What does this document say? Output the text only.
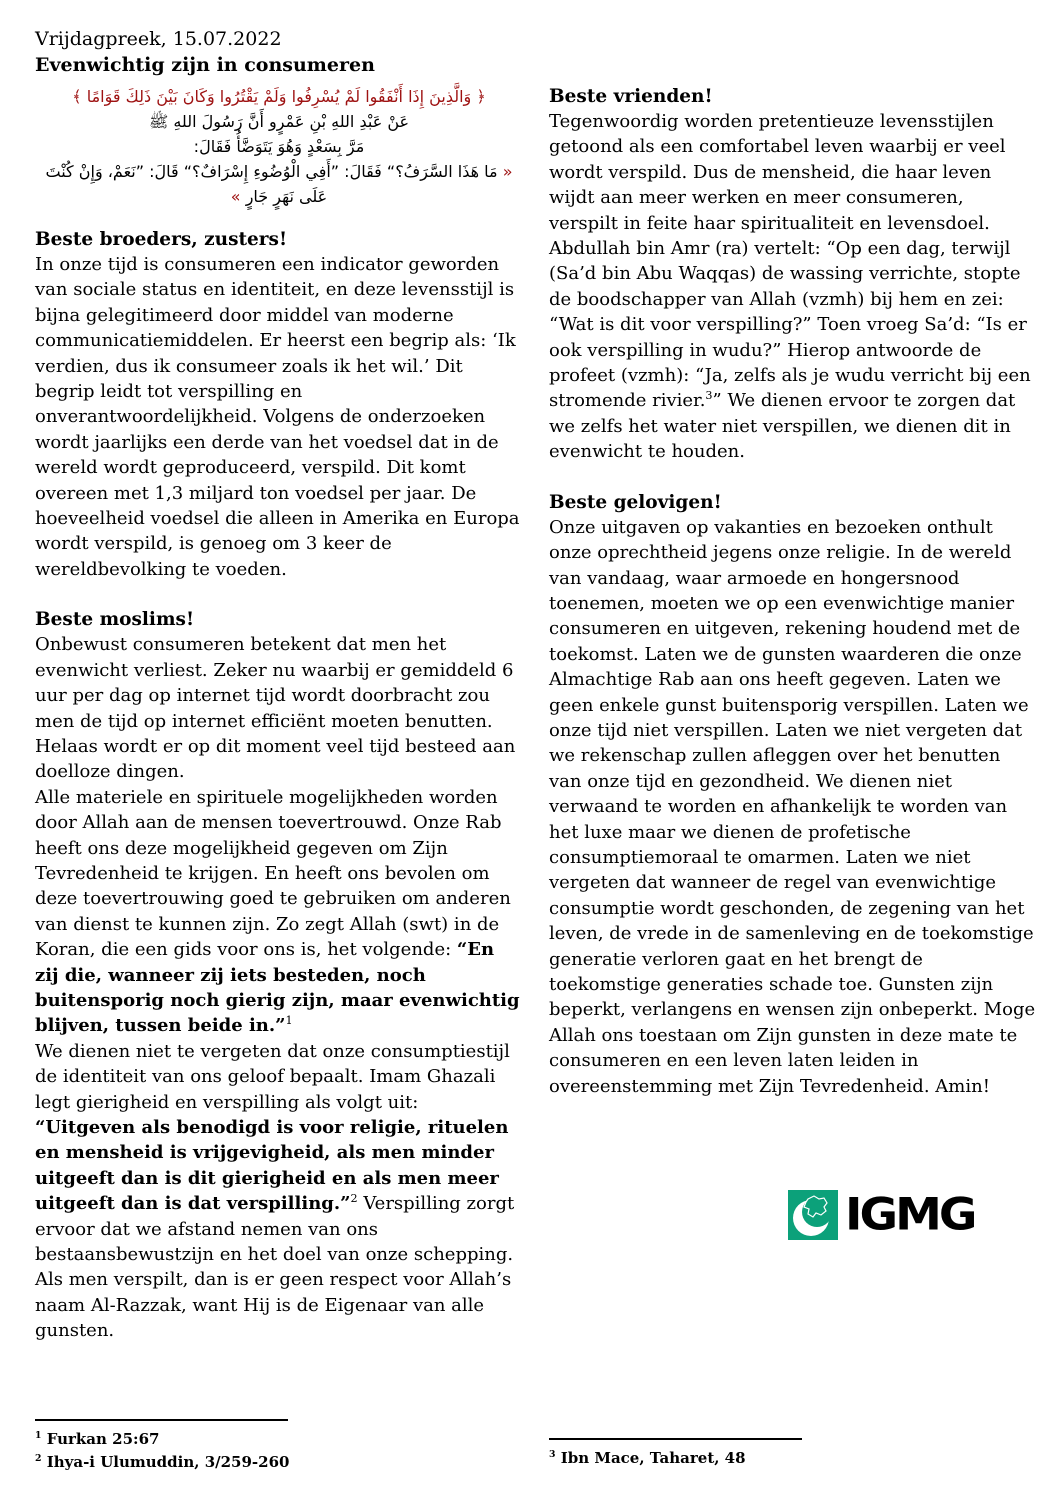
Vrijdagpreek, 15.07.2022

Evenwichtig zijn in consumeren
﴿ وَالَّذِينَ إِذَا أَنْفَقُوا لَمْ يُسْرِفُوا وَلَمْ يَقْتُرُوا وَكَانَ بَيْنَ ذَلِكَ قَوَامًا ﴾
عَنْ عَبْدِ اللهِ بْنِ عَمْرٍو أَنَّ رَسُولَ اللهِ ﷺ
مَرَّ بِسَعْدٍ وَهُوَ يَتَوَضَّأُ فَقَالَ:
« مَا هَذَا السَّرَفُ؟“ فَقَالَ: ”أَفِي الْوُضُوءِ إِسْرَافٌ؟“ قَالَ: ”نَعَمْ، وَإِنْ كُنْتَ
عَلَى نَهَرٍ جَارٍ »
Beste broeders, zusters!

In onze tijd is consumeren een indicator geworden van sociale status en identiteit, en deze levensstijl is bijna gelegitimeerd door middel van moderne communicatiemiddelen. Er heerst een begrip als: ‘Ik verdien, dus ik consumeer zoals ik het wil.’ Dit begrip leidt tot verspilling en onverantwoordelijkheid. Volgens de onderzoeken wordt jaarlijks een derde van het voedsel dat in de wereld wordt geproduceerd, verspild. Dit komt overeen met 1,3 miljard ton voedsel per jaar. De hoeveelheid voedsel die alleen in Amerika en Europa wordt verspild, is genoeg om 3 keer de wereldbevolking te voeden.

Beste moslims!

Onbewust consumeren betekent dat men het evenwicht verliest. Zeker nu waarbij er gemiddeld 6 uur per dag op internet tijd wordt doorbracht zou men de tijd op internet efficiënt moeten benutten. Helaas wordt er op dit moment veel tijd besteed aan doelloze dingen.

Alle materiele en spirituele mogelijkheden worden door Allah aan de mensen toevertrouwd. Onze Rab heeft ons deze mogelijkheid gegeven om Zijn Tevredenheid te krijgen. En heeft ons bevolen om deze toevertrouwing goed te gebruiken om anderen van dienst te kunnen zijn. Zo zegt Allah (swt) in de Koran, die een gids voor ons is, het volgende: “En zij die, wanneer zij iets besteden, noch buitensporig noch gierig zijn, maar evenwichtig blijven, tussen beide in.”$^1$

We dienen niet te vergeten dat onze consumptiestijl de identiteit van ons geloof bepaalt. Imam Ghazali legt gierigheid en verspilling als volgt uit: “Uitgeven als benodigd is voor religie, rituelen en mensheid is vrijgevigheid, als men minder uitgeeft dan is dit gierigheid en als men meer uitgeeft dan is dat verspilling.”$^2$ Verspilling zorgt ervoor dat we afstand nemen van ons bestaansbewustzijn en het doel van onze schepping. Als men verspilt, dan is er geen respect voor Allah’s naam Al-Razzak, want Hij is de Eigenaar van alle gunsten.

Beste vrienden!

Tegenwoordig worden pretentieuze levensstijlen getoond als een comfortabel leven waarbij er veel wordt verspild. Dus de mensheid, die haar leven wijdt aan meer werken en meer consumeren, verspilt in feite haar spiritualiteit en levensdoel. Abdullah bin Amr (ra) vertelt: “Op een dag, terwijl (Sa’d bin Abu Waqqas) de wassing verrichte, stopte de boodschapper van Allah (vzmh) bij hem en zei: “Wat is dit voor verspilling?” Toen vroeg Sa’d: “Is er ook verspilling in wudu?” Hierop antwoorde de profeet (vzmh): “Ja, zelfs als je wudu verricht bij een stromende rivier.$^3$” We dienen ervoor te zorgen dat we zelfs het water niet verspillen, we dienen dit in evenwicht te houden.

Beste gelovigen!

Onze uitgaven op vakanties en bezoeken onthult onze oprechtheid jegens onze religie. In de wereld van vandaag, waar armoede en hongersnood toenemen, moeten we op een evenwichtige manier consumeren en uitgeven, rekening houdend met de toekomst. Laten we de gunsten waarderen die onze Almachtige Rab aan ons heeft gegeven. Laten we geen enkele gunst buitensporig verspillen. Laten we onze tijd niet verspillen. Laten we niet vergeten dat we rekenschap zullen afleggen over het benutten van onze tijd en gezondheid. We dienen niet verwaand te worden en afhankelijk te worden van het luxe maar we dienen de profetische consumptiemoraal te omarmen. Laten we niet vergeten dat wanneer de regel van evenwichtige consumptie wordt geschonden, de zegening van het leven, de vrede in de samenleving en de toekomstige generatie verloren gaat en het brengt de toekomstige generaties schade toe. Gunsten zijn beperkt, verlangens en wensen zijn onbeperkt. Moge Allah ons toestaan om Zijn gunsten in deze mate te consumeren en een leven laten leiden in overeenstemming met Zijn Tevredenheid. Amin!

IGMG

$^1$ Furkan 25:67

$^2$ Ihya-i Ulumuddin, 3/259-260	$^3$ Ibn Mace, Taharet, 48
